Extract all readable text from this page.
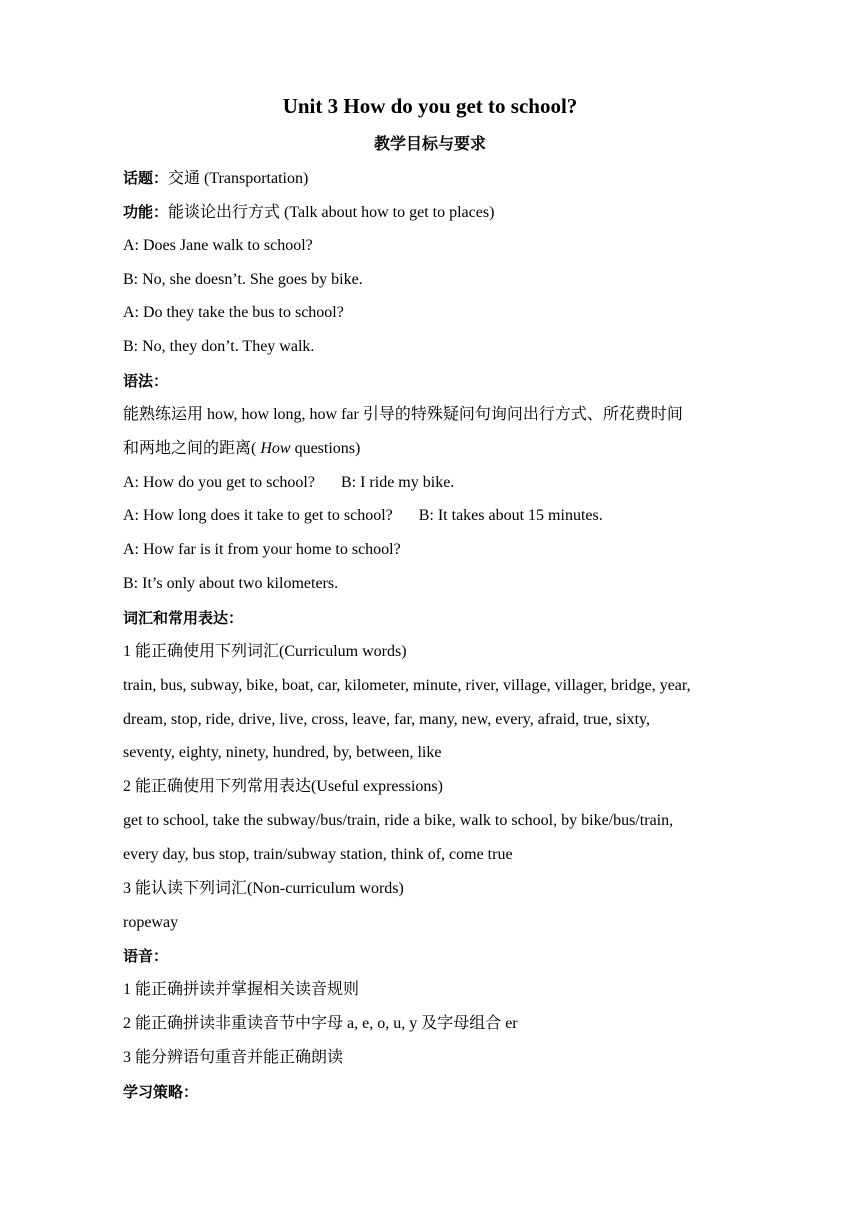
Unit 3 How do you get to school?
教学目标与要求
话题：交通 (Transportation)
功能：能谈论出行方式 (Talk about how to get to places)
A: Does Jane walk to school?
B: No, she doesn’t. She goes by bike.
A: Do they take the bus to school?
B: No, they don’t. They walk.
语法：
能熟练运用 how, how long, how far 引导的特殊疑问句询问出行方式、所花费时间
和两地之间的距离( How questions)
A: How do you get to school? B: I ride my bike.
A: How long does it take to get to school? B: It takes about 15 minutes.
A: How far is it from your home to school?
B: It’s only about two kilometers.
词汇和常用表达：
1 能正确使用下列词汇(Curriculum words)
train, bus, subway, bike, boat, car, kilometer, minute, river, village, villager, bridge, year,
dream, stop, ride, drive, live, cross, leave, far, many, new, every, afraid, true, sixty,
seventy, eighty, ninety, hundred, by, between, like
2 能正确使用下列常用表达(Useful expressions)
get to school, take the subway/bus/train, ride a bike, walk to school, by bike/bus/train,
every day, bus stop, train/subway station, think of, come true
3 能认读下列词汇(Non-curriculum words)
ropeway
语音：
1 能正确拼读并掌握相关读音规则
2 能正确拼读非重读音节中字母 a, e, o, u, y 及字母组合 er
3 能分辨语句重音并能正确朗读
学习策略：
